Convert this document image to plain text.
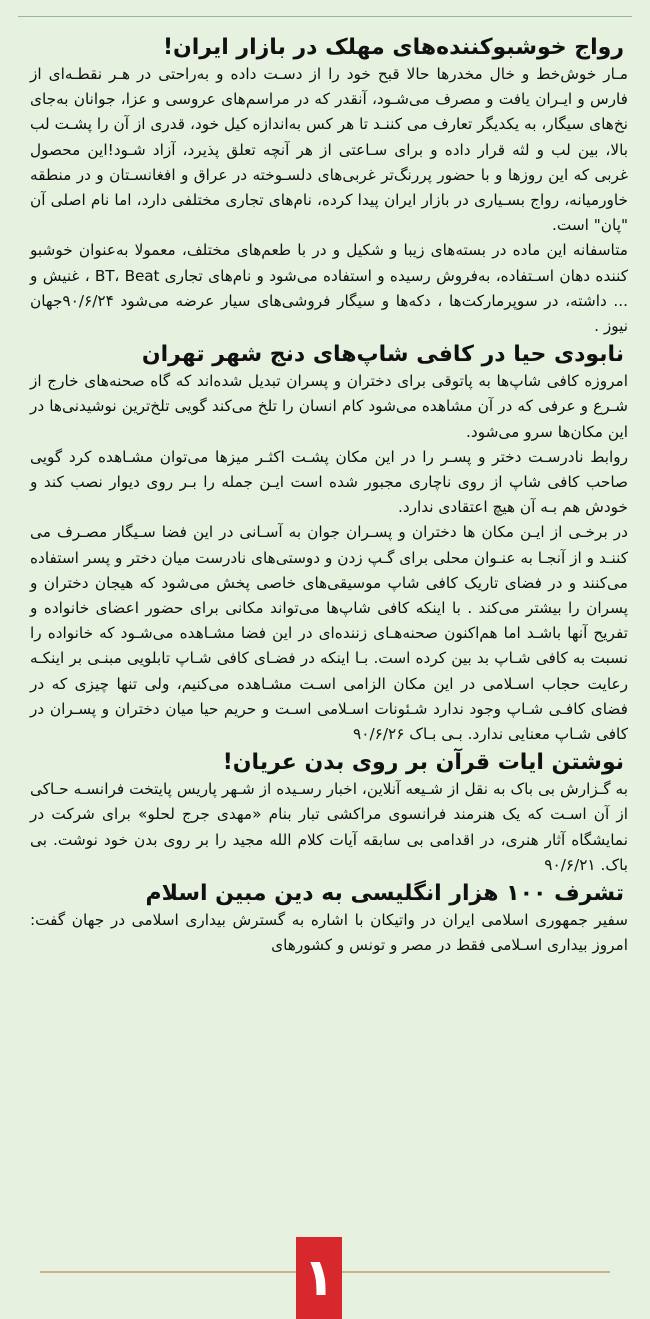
رواج خوشبوکننده‌های مهلک در بازار ایران!

مـار خوش‌خط و خال مخدرها حالا قبح خود را از دسـت داده و به‌راحتی در هـر نقطـه‌ای از فارس و ایـران یافت و مصرف می‌شـود، آنقدر که در مراسم‌های عروسی و عزا، جوانان به‌جای نخ‌های سیگار، به یکدیگر تعارف می‌ کننـد تا هر کس به‌اندازه کیل خود، قدری از آن را پشـت لب بالا، بین لب و لثه قرار داده و برای سـاعتی از هر آنچه تعلق پذیرد، آزاد شـود!این محصول غربی که این روزها و با حضور پررنگ‌تر غربی‌های دلسـوخته در عراق و افغانسـتان و در منطقه خاورمیانه، رواج بسـیاری در بازار ایران پیدا کرده، نام‌های تجاری مختلفی دارد، اما نام اصلی آن "پان" است.

متاسفانه این ماده در بسته‌های زیبا و شکیل و در با طعم‌های مختلف، معمولا به‌عنوان خوشبو کننده دهان اسـتفاده، به‌فروش رسیده و استفاده می‌شود و نام‌های تجاری BT، Beat ، غنیش و ... داشته، در سوپرمارکت‌ها ، دکه‌ها و سیگار فروشی‌های سیار عرضه می‌شود ۹۰/۶/۲۴جهان نیوز .

نابودی حیا در کافی شاپ‌های دنج شهر تهران

امروزه کافی شاپ‌ها به پاتوقی برای دختران و پسران تبدیل شده‌اند که گاه صحنه‌های خارج از شـرع و عرفی که در آن مشاهده می‌شود کام انسان را تلخ می‌کند گویی تلخ‌ترین نوشیدنی‌ها در این مکان‌ها سرو می‌شود.

روابط نادرسـت دختر و پسـر را در این مکان پشـت اکثـر میزها می‌توان مشـاهده کرد گویی صاحب کافی شاپ از روی ناچاری مجبور شده است ایـن جمله را بـر روی دیوار نصب کند و خودش هم بـه آن هیچ اعتقادی ندارد.

در برخـی از ایـن مکان ها دختران و پسـران جوان به آسـانی در این فضا سـیگار مصـرف می‌ کننـد و از آنجـا به عنـوان محلی برای گـپ زدن و دوستی‌های نادرست میان دختر و پسر استفاده می‌کنند و در فضای تاریک کافی شاپ موسیقی‌های خاصی پخش می‌شود که هیجان دختران و پسران را بیشتر می‌کند . با اینکه کافی شاپ‌ها می‌تواند مکانی برای حضور اعضای خانواده و تفریح آنها باشـد اما هم‌اکنون صحنه‌هـای زننده‌ای در این فضا مشـاهده می‌شـود که خانواده را نسبت به کافی شـاپ بد بین کرده است. بـا اینکه در فضـای کافی شـاپ تابلویی مبنـی بر اینکـه رعایت حجاب اسـلامی در این مکان الزامی اسـت مشـاهده می‌کنیم، ولی تنها چیزی که در فضای کافـی شـاپ وجود ندارد شـئونات اسـلامی اسـت و حریم حیا میان دختران و پسـران در کافی شـاپ معنایی ندارد. بـی بـاک ۹۰/۶/۲۶

نوشتن ایات قرآن بر روی بدن عریان!

به گـزارش بی باک به نقل از شـیعه آنلاین، اخبار رسـیده از شـهر پاریس پایتخت فرانسـه حـاکی از آن اسـت که یک هنرمند فرانسوی مراکشی تبار بنام «مهدی جرج لحلو» برای شرکت در نمایشگاه آثار هنری، در اقدامی بی سابقه آیات کلام الله مجید را بر روی بدن خود نوشت. بی باک. ۹۰/۶/۲۱

تشرف ۱۰۰ هزار انگلیسی به دین مبین اسلام

سفیر جمهوری اسلامی ایران در واتیکان با اشاره به گسترش بیداری اسلامی در جهان گفت: امروز بیداری اسـلامی فقط در مصر و تونس و کشورهای

۱
